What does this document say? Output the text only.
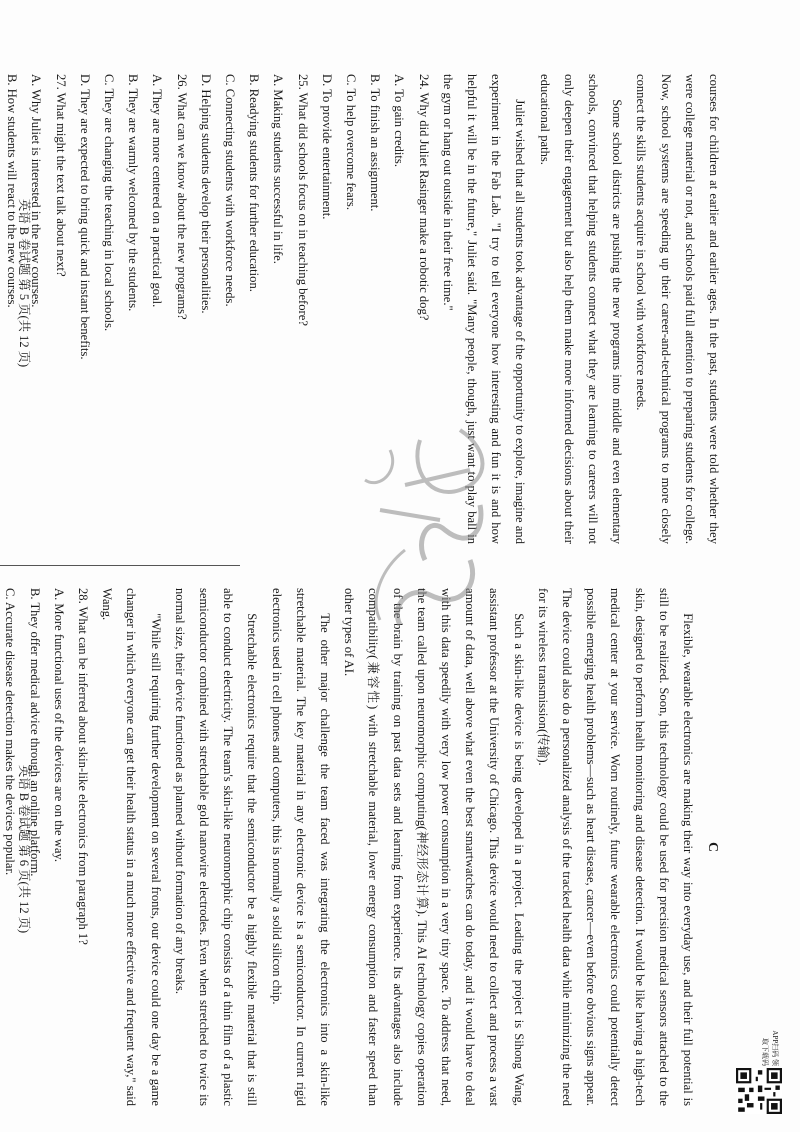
courses for children at earlier and earlier ages. In the past, students were told whether they were college material or not, and schools paid full attention to preparing students for college. Now, school systems are speeding up their career-and-technical programs to more closely connect the skills students acquire in school with workforce needs.

Some school districts are pushing the new programs into middle and even elementary schools, convinced that helping students connect what they are learning to careers will not only deepen their engagement but also help them make more informed decisions about their educational paths.

Juliet wished that all students took advantage of the opportunity to explore, imagine and experiment in the Fab Lab. "I try to tell everyone how interesting and fun it is and how helpful it will be in the future," Juliet said. "Many people, though, just want to play ball in the gym or hang out outside in their free time."

24. Why did Juliet Rasinger make a robotic dog?
A. To gain credits.
B. To finish an assignment.
C. To help overcome fears.
D. To provide entertainment.
25. What did schools focus on in teaching before?
A. Making students successful in life.
B. Readying students for further education.
C. Connecting students with workforce needs.
D. Helping students develop their personalities.
26. What can we know about the new programs?
A. They are more centered on a practical goal.
B. They are warmly welcomed by the students.
C. They are changing the teaching in local schools.
D. They are expected to bring quick and instant benefits.
27. What might the text talk about next?
A. Why Juliet is interested in the new courses.
B. How students will react to the new courses.
英语 B 卷试题 第 5 页(共 12 页)
APP扫码 领取下载码
C

Flexible, wearable electronics are making their way into everyday use, and their full potential is still to be realized. Soon, this technology could be used for precision medical sensors attached to the skin, designed to perform health monitoring and disease detection. It would be like having a high-tech medical center at your service. Worn routinely, future wearable electronics could potentially detect possible emerging health problems—such as heart disease, cancer—even before obvious signs appear. The device could also do a personalized analysis of the tracked health data while minimizing the need for its wireless transmission(传输).

Such a skin-like device is being developed in a project. Leading the project is Sihong Wang, assistant professor at the University of Chicago. This device would need to collect and process a vast amount of data, well above what even the best smartwatches can do today, and it would have to deal with this data speedily with very low power consumption in a very tiny space. To address that need, the team called upon neuromorphic computing(神经形态计算). This AI technology copies operation of the brain by training on past data sets and learning from experience. Its advantages also include compatibility(兼容性) with stretchable material, lower energy consumption and faster speed than other types of AI.

The other major challenge the team faced was integrating the electronics into a skin-like stretchable material. The key material in any electronic device is a semiconductor. In current rigid electronics used in cell phones and computers, this is normally a solid silicon chip.

Stretchable electronics require that the semiconductor be a highly flexible material that is still able to conduct electricity. The team's skin-like neuromorphic chip consists of a thin film of a plastic semiconductor combined with stretchable gold nanowire electrodes. Even when stretched to twice its normal size, their device functioned as planned without formation of any breaks.

"While still requiring further development on several fronts, our device could one day be a game changer in which everyone can get their health status in a much more effective and frequent way," said Wang.

28. What can be inferred about skin-like electronics from paragraph 1?
A. More functional uses of the devices are on the way.
B. They offer medical advice through an online platform.
C. Accurate disease detection makes the devices popular. 英语 B 卷试题 第 6 页(共 12 页)
